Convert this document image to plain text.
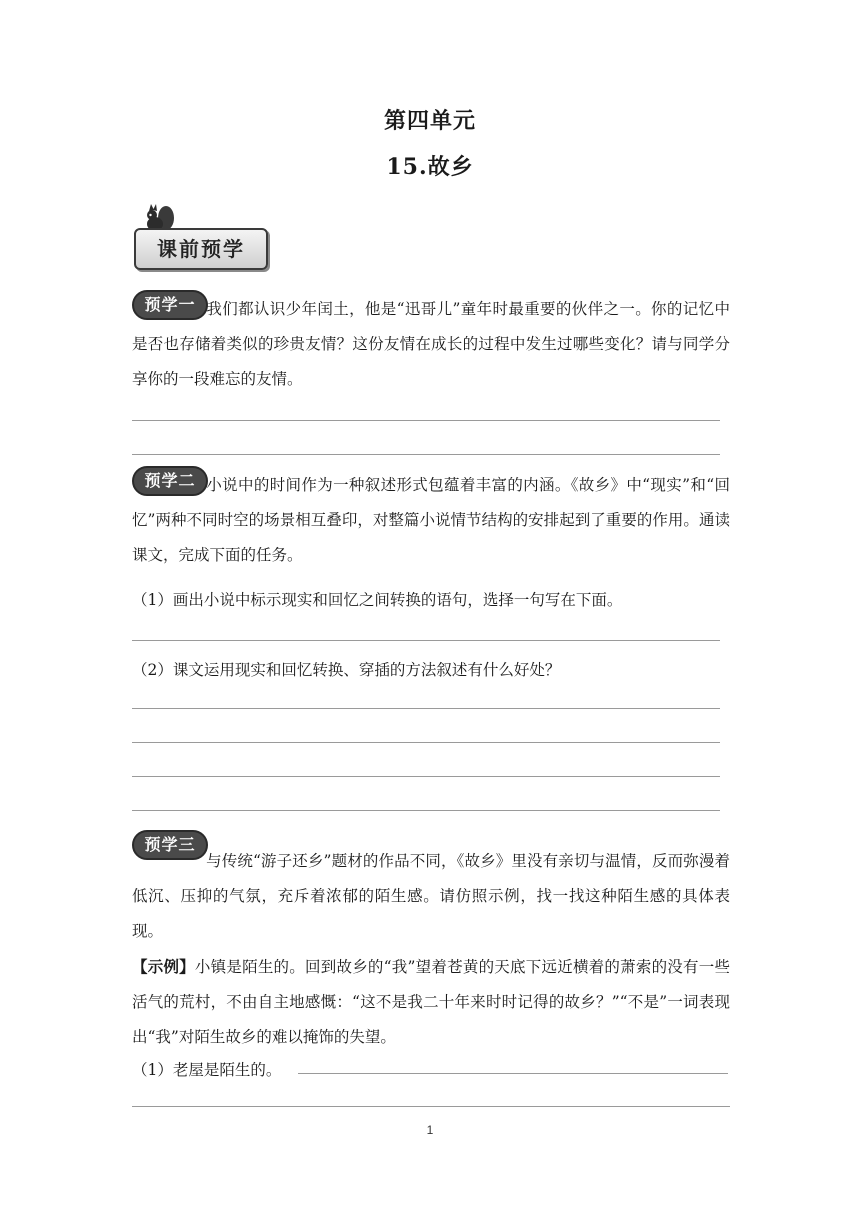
第四单元
15.故乡
课前预学
预学一 我们都认识少年闰土，他是“迅哥儿”童年时最重要的伙伴之一。你的记忆中是否也存储着类似的珍贵友情？这份友情在成长的过程中发生过哪些变化？请与同学分享你的一段难忘的友情。
预学二 小说中的时间作为一种叙述形式包蕴着丰富的内涵。《故乡》中“现实”和“回忆”两种不同时空的场景相互叠印，对整篇小说情节结构的安排起到了重要的作用。通读课文，完成下面的任务。
（1）画出小说中标示现实和回忆之间转换的语句，选择一句写在下面。
（2）课文运用现实和回忆转换、穿插的方法叙述有什么好处？
预学三
与传统“游子还乡”题材的作品不同，《故乡》里没有亲切与温情，反而弥漫着低沉、压抑的气氛，充斥着浓郁的陌生感。请仿照示例，找一找这种陌生感的具体表现。
【示例】小镇是陌生的。回到故乡的“我”望着苍黄的天底下远近横着的萧索的没有一些活气的荒村，不由自主地感慨：“这不是我二十年来时时记得的故乡？”“不是”一词表现出“我”对陌生故乡的难以掩饰的失望。
（1）老屋是陌生的。
1
